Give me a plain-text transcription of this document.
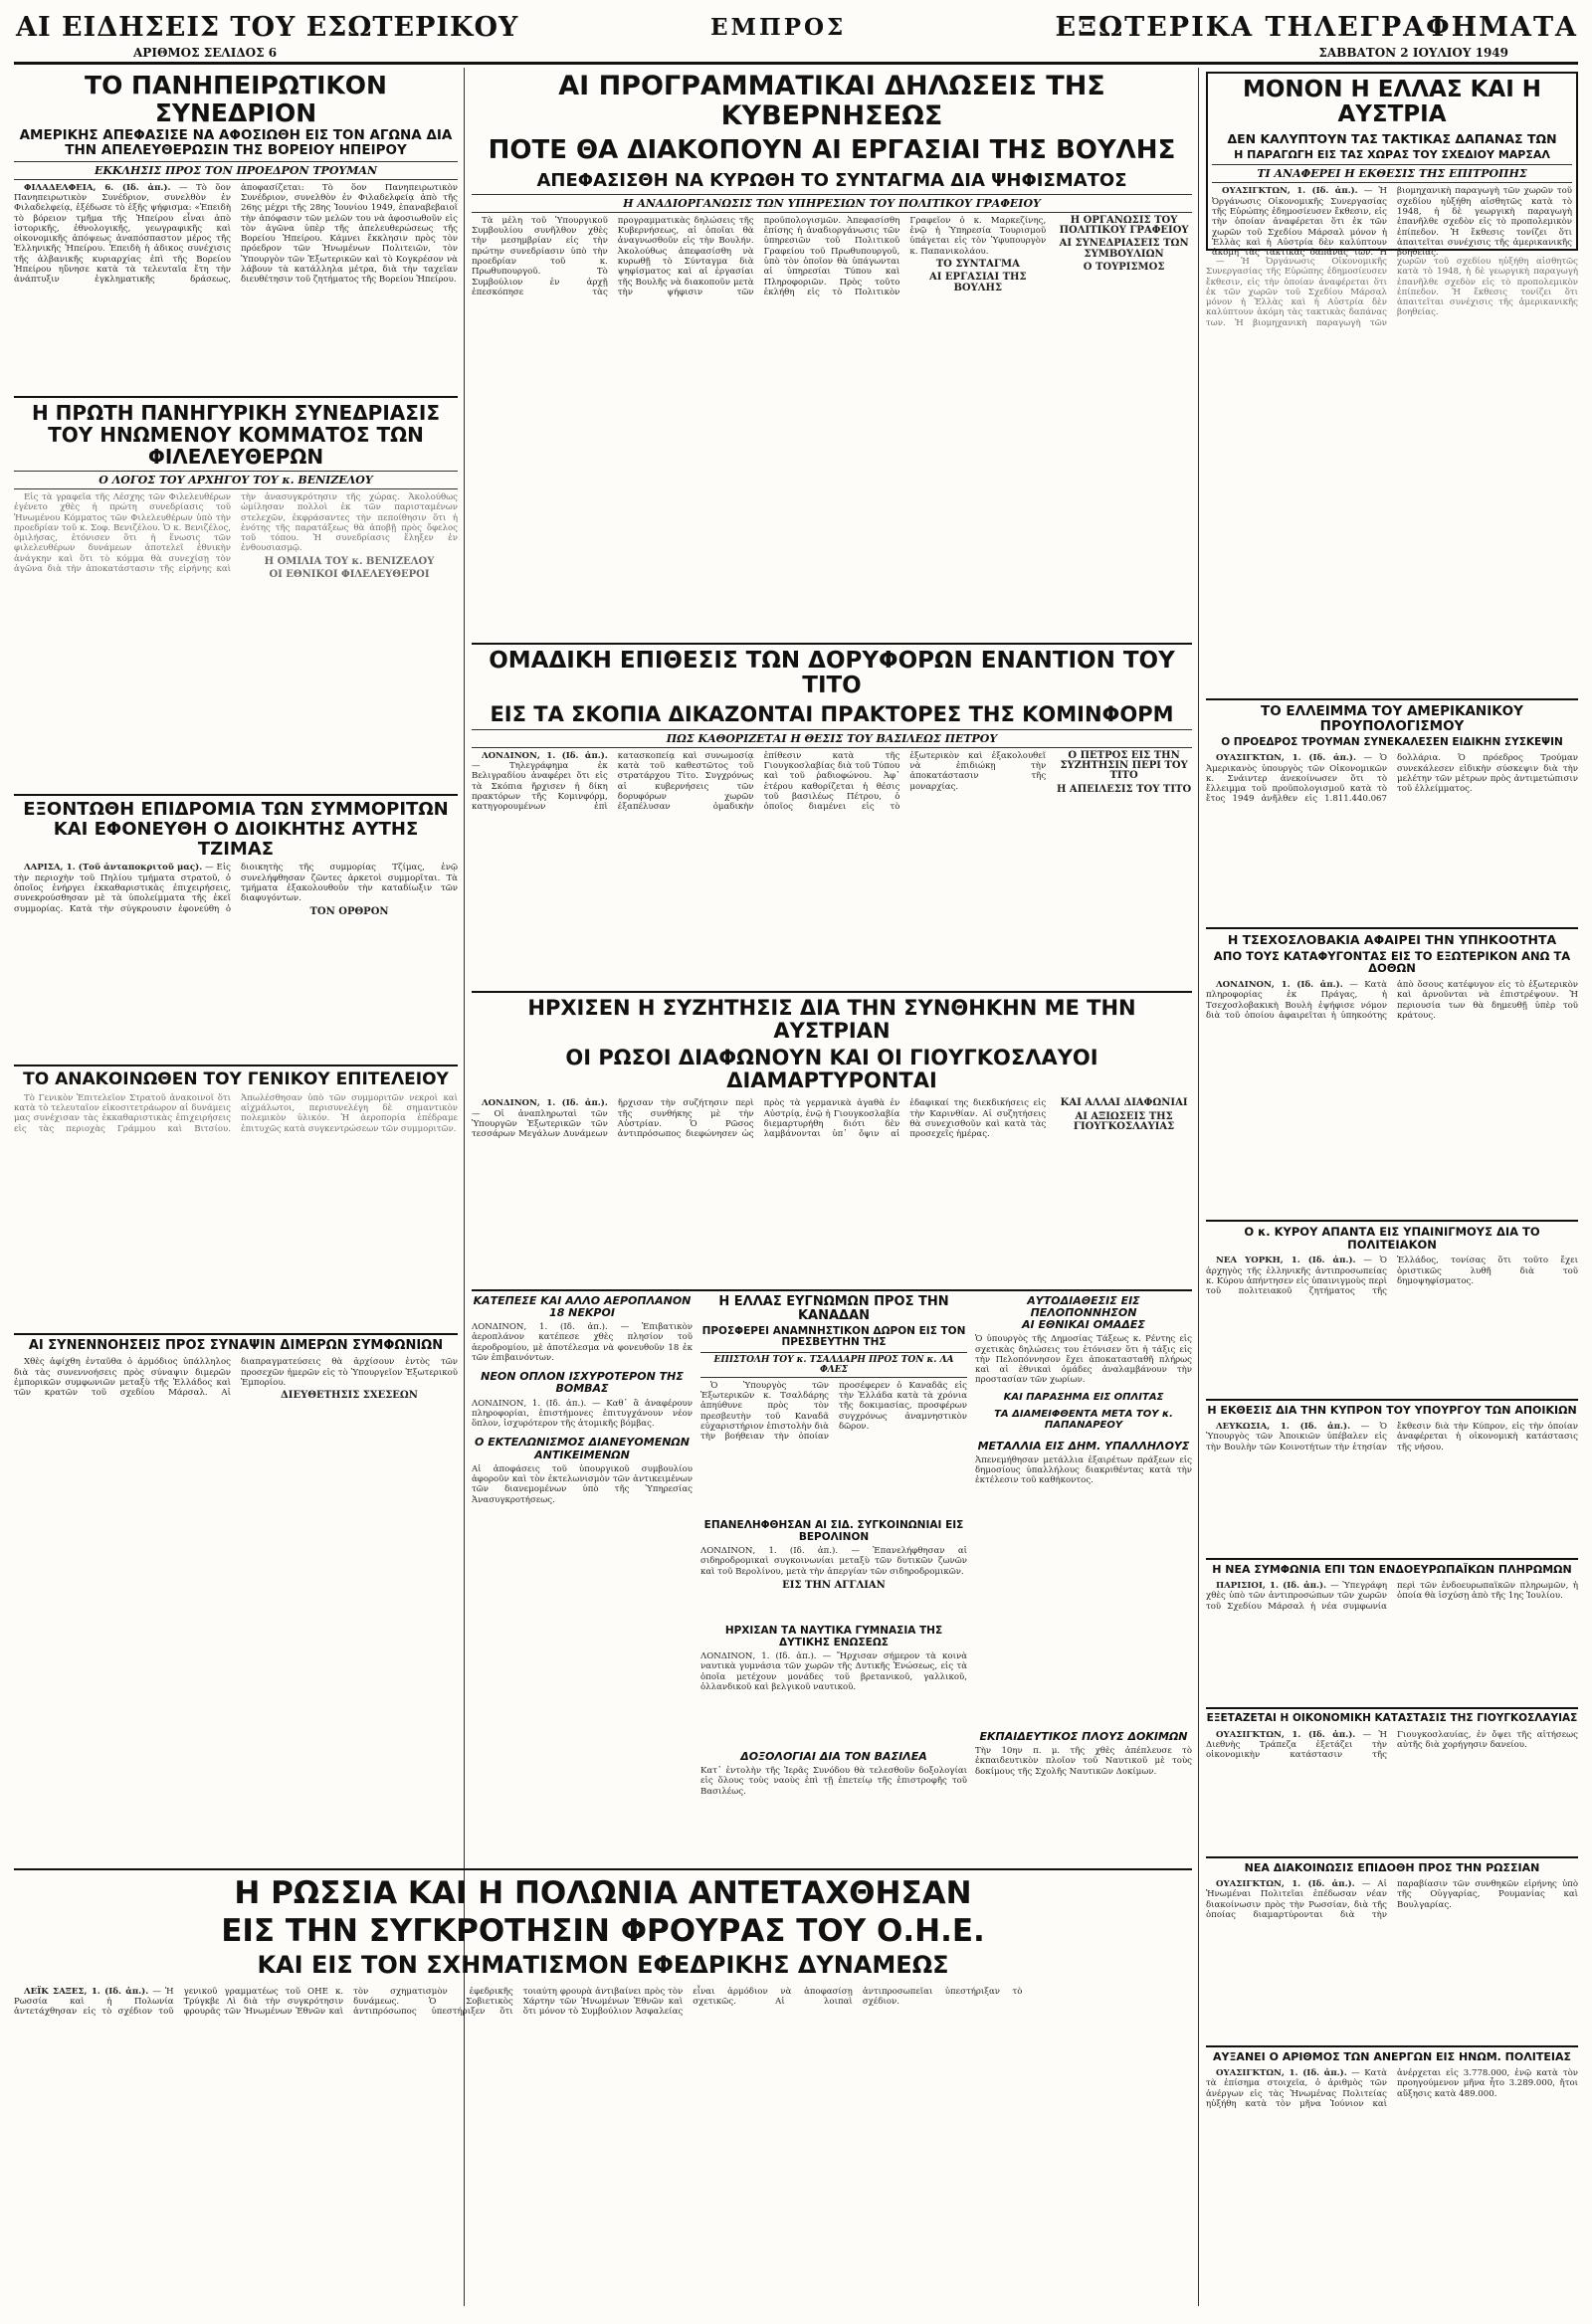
ΑΙ ΕΙΔΗΣΕΙΣ ΤΟΥ ΕΣΩΤΕΡΙΚΟΥ	ΕΜΠΡΟΣ	ΕΞΩΤΕΡΙΚΑ ΤΗΛΕΓΡΑΦΗΜΑΤΑ
ΑΡΙΘΜΟΣ ΣΕΛΙΔΟΣ 6	ΣΑΒΒΑΤΟΝ 2 ΙΟΥΛΙΟΥ 1949
ΤΟ ΠΑΝΗΠΕΙΡΩΤΙΚΟΝ ΣΥΝΕΔΡΙΟΝ
ΑΜΕΡΙΚΗΣ ΑΠΕΦΑΣΙΣΕ ΝΑ ΑΦΟΣΙΩΘΗ ΕΙΣ ΤΟΝ ΑΓΩΝΑ ΔΙΑ ΤΗΝ ΑΠΕΛΕΥΘΕΡΩΣΙΝ ΤΗΣ ΒΟΡΕΙΟΥ ΗΠΕΙΡΟΥ
ΕΚΚΛΗΣΙΣ ΠΡΟΣ ΤΟΝ ΠΡΟΕΔΡΟΝ ΤΡΟΥΜΑΝ

ΦΙΛΑΔΕΛΦΕΙΑ, 6. (Ιδ. ἀπ.). — Τὸ ὅον Πανηπειρωτικὸν Συνέδριον, συνελθὸν ἐν Φιλαδελφείᾳ, ἐξέδωσε τὸ ἑξῆς ψήφισμα: «Ἐπειδὴ τὸ βόρειον τμῆμα τῆς Ἠπείρου εἶναι ἀπὸ ἱστορικῆς, ἐθνολογικῆς, γεωγραφικῆς καὶ οἰκονομικῆς ἀπόψεως ἀναπόσπαστον μέρος τῆς Ἑλληνικῆς Ἠπείρου. Ἐπειδὴ ἡ ἀδικος συνέχισις τῆς ἀλβανικῆς κυριαρχίας ἐπὶ τῆς Βορείου Ἠπείρου ηὔνησε κατὰ τὰ τελευταῖα ἔτη τὴν ἀνάπτυξιν ἐγκληματικῆς δράσεως, ἀποφασίζεται: Τὸ ὅον Πανηπειρωτικὸν Συνέδριον, συνελθὸν ἐν Φιλαδελφείᾳ ἀπὸ τῆς 26ης μέχρι τῆς 28ης Ἰουνίου 1949, ἐπαναβεβαιοῖ τὴν ἀπόφασιν τῶν μελῶν του νὰ ἀφοσιωθοῦν εἰς τὸν ἀγῶνα ὑπὲρ τῆς ἀπελευθερώσεως τῆς Βορείου Ἠπείρου. Κάμνει ἔκκλησιν πρὸς τὸν πρόεδρον τῶν Ἡνωμένων Πολιτειῶν, τὸν Ὑπουργὸν τῶν Ἐξωτερικῶν καὶ τὸ Κογκρέσον νὰ λάβουν τὰ κατάλληλα μέτρα, διὰ τὴν ταχεῖαν διευθέτησιν τοῦ ζητήματος τῆς Βορείου Ἠπείρου.

Η ΠΡΩΤΗ ΠΑΝΗΓΥΡΙΚΗ ΣΥΝΕΔΡΙΑΣΙΣ ΤΟΥ ΗΝΩΜΕΝΟΥ ΚΟΜΜΑΤΟΣ ΤΩΝ ΦΙΛΕΛΕΥΘΕΡΩΝ
Ο ΛΟΓΟΣ ΤΟΥ ΑΡΧΗΓΟΥ ΤΟΥ κ. ΒΕΝΙΖΕΛΟΥ

Εἰς τὰ γραφεῖα τῆς Λέσχης τῶν Φιλελευθέρων ἐγένετο χθὲς ἡ πρώτη συνεδρίασις τοῦ Ἡνωμένου Κόμματος τῶν Φιλελευθέρων ὑπὸ τὴν προεδρίαν τοῦ κ. Σοφ. Βενιζέλου. Ὁ κ. Βενιζέλος, ὁμιλήσας, ἐτόνισεν ὅτι ἡ ἕνωσις τῶν φιλελευθέρων δυνάμεων ἀποτελεῖ ἐθνικὴν ἀνάγκην καὶ ὅτι τὸ κόμμα θὰ συνεχίσῃ τὸν ἀγῶνα διὰ τὴν ἀποκατάστασιν τῆς εἰρήνης καὶ τὴν ἀνασυγκρότησιν τῆς χώρας. Ἀκολούθως ὡμίλησαν πολλοὶ ἐκ τῶν παρισταμένων στελεχῶν, ἐκφράσαντες τὴν πεποίθησιν ὅτι ἡ ἑνότης τῆς παρατάξεως θὰ ἀποβῇ πρὸς ὄφελος τοῦ τόπου. Ἡ συνεδρίασις ἔληξεν ἐν ἐνθουσιασμῷ.

Η ΟΜΙΛΙΑ ΤΟΥ κ. ΒΕΝΙΖΕΛΟΥ
ΟΙ ΕΘΝΙΚΟΙ ΦΙΛΕΛΕΥΘΕΡΟΙ
ΕΞΟΝΤΩΘΗ ΕΠΙΔΡΟΜΙΑ ΤΩΝ ΣΥΜΜΟΡΙΤΩΝ ΚΑΙ ΕΦΟΝΕΥΘΗ Ο ΔΙΟΙΚΗΤΗΣ ΑΥΤΗΣ ΤΖΙΜΑΣ

ΛΑΡΙΣΑ, 1. (Τοῦ ἀνταποκριτοῦ μας). — Εἰς τὴν περιοχὴν τοῦ Πηλίου τμήματα στρατοῦ, ὁ ὁποῖος ἐνήργει ἐκκαθαριστικὰς ἐπιχειρήσεις, συνεκρούσθησαν μὲ τὰ ὑπολείμματα τῆς ἐκεῖ συμμορίας. Κατὰ τὴν σύγκρουσιν ἐφονεύθη ὁ διοικητὴς τῆς συμμορίας Τζίμας, ἐνῷ συνελήφθησαν ζῶντες ἀρκετοὶ συμμορῖται. Τὰ τμήματα ἐξακολουθοῦν τὴν καταδίωξιν τῶν διαφυγόντων.

ΤΟΝ ΟΡΘΡΟΝ
ΤΟ ΑΝΑΚΟΙΝΩΘΕΝ ΤΟΥ ΓΕΝΙΚΟΥ ΕΠΙΤΕΛΕΙΟΥ

Τὸ Γενικὸν Ἐπιτελεῖον Στρατοῦ ἀνακοινοῖ ὅτι κατὰ τὸ τελευταῖον εἰκοσιτετράωρον αἱ δυνάμεις μας συνέχισαν τὰς ἐκκαθαριστικὰς ἐπιχειρήσεις εἰς τὰς περιοχὰς Γράμμου καὶ Βιτσίου. Ἀπωλέσθησαν ὑπὸ τῶν συμμοριτῶν νεκροὶ καὶ αἰχμάλωτοι, περισυνελέγη δὲ σημαντικὸν πολεμικὸν ὑλικόν. Ἡ ἀεροπορία ἐπέδραμε ἐπιτυχῶς κατὰ συγκεντρώσεων τῶν συμμοριτῶν.

ΑΙ ΣΥΝΕΝΝΟΗΣΕΙΣ ΠΡΟΣ ΣΥΝΑΨΙΝ ΔΙΜΕΡΩΝ ΣΥΜΦΩΝΙΩΝ

Χθὲς ἀφίχθη ἐνταῦθα ὁ ἁρμόδιος ὑπάλληλος διὰ τὰς συνεννοήσεις πρὸς σύναψιν διμερῶν ἐμπορικῶν συμφωνιῶν μεταξὺ τῆς Ἑλλάδος καὶ τῶν κρατῶν τοῦ σχεδίου Μάρσαλ. Αἱ διαπραγματεύσεις θὰ ἀρχίσουν ἐντὸς τῶν προσεχῶν ἡμερῶν εἰς τὸ Ὑπουργεῖον Ἐξωτερικοῦ Ἐμπορίου.

ΔΙΕΥΘΕΤΗΣΙΣ ΣΧΕΣΕΩΝ
ΑΙ ΠΡΟΓΡΑΜΜΑΤΙΚΑΙ ΔΗΛΩΣΕΙΣ ΤΗΣ ΚΥΒΕΡΝΗΣΕΩΣ
ΠΟΤΕ ΘΑ ΔΙΑΚΟΠΟΥΝ ΑΙ ΕΡΓΑΣΙΑΙ ΤΗΣ ΒΟΥΛΗΣ
ΑΠΕΦΑΣΙΣΘΗ ΝΑ ΚΥΡΩΘΗ ΤΟ ΣΥΝΤΑΓΜΑ ΔΙΑ ΨΗΦΙΣΜΑΤΟΣ
Η ΑΝΑΔΙΟΡΓΑΝΩΣΙΣ ΤΩΝ ΥΠΗΡΕΣΙΩΝ ΤΟΥ ΠΟΛΙΤΙΚΟΥ ΓΡΑΦΕΙΟΥ

Τὰ μέλη τοῦ Ὑπουργικοῦ Συμβουλίου συνῆλθον χθὲς τὴν μεσημβρίαν εἰς τὴν πρώτην συνεδρίασιν ὑπὸ τὴν προεδρίαν τοῦ κ. Πρωθυπουργοῦ. Τὸ Συμβούλιον ἐν ἀρχῇ ἐπεσκόπησε τὰς προγραμματικὰς δηλώσεις τῆς Κυβερνήσεως, αἱ ὁποῖαι θὰ ἀναγνωσθοῦν εἰς τὴν Βουλήν. Ἀκολούθως ἀπεφασίσθη νὰ κυρωθῇ τὸ Σύνταγμα διὰ ψηφίσματος καὶ αἱ ἐργασίαι τῆς Βουλῆς νὰ διακοποῦν μετὰ τὴν ψήφισιν τῶν προϋπολογισμῶν. Ἀπεφασίσθη ἐπίσης ἡ ἀναδιοργάνωσις τῶν ὑπηρεσιῶν τοῦ Πολιτικοῦ Γραφείου τοῦ Πρωθυπουργοῦ, ὑπὸ τὸν ὁποῖον θὰ ὑπάγωνται αἱ ὑπηρεσίαι Τύπου καὶ Πληροφοριῶν. Πρὸς τοῦτο ἐκλήθη εἰς τὸ Πολιτικὸν Γραφεῖον ὁ κ. Μαρκεζίνης, ἐνῷ ἡ Ὑπηρεσία Τουρισμοῦ ὑπάγεται εἰς τὸν Ὑφυπουργὸν κ. Παπανικολάου.

ΤΟ ΣΥΝΤΑΓΜΑ
ΑΙ ΕΡΓΑΣΙΑΙ ΤΗΣ ΒΟΥΛΗΣ
Η ΟΡΓΑΝΩΣΙΣ ΤΟΥ ΠΟΛΙΤΙΚΟΥ ΓΡΑΦΕΙΟΥ
ΑΙ ΣΥΝΕΔΡΙΑΣΕΙΣ ΤΩΝ ΣΥΜΒΟΥΛΙΩΝ
Ο ΤΟΥΡΙΣΜΟΣ
ΟΜΑΔΙΚΗ ΕΠΙΘΕΣΙΣ ΤΩΝ ΔΟΡΥΦΟΡΩΝ ΕΝΑΝΤΙΟΝ ΤΟΥ ΤΙΤΟ
ΕΙΣ ΤΑ ΣΚΟΠΙΑ ΔΙΚΑΖΟΝΤΑΙ ΠΡΑΚΤΟΡΕΣ ΤΗΣ ΚΟΜΙΝΦΟΡΜ
ΠΩΣ ΚΑΘΟΡΙΖΕΤΑΙ Η ΘΕΣΙΣ ΤΟΥ ΒΑΣΙΛΕΩΣ ΠΕΤΡΟΥ

ΛΟΝΔΙΝΟΝ, 1. (Ιδ. ἀπ.). — Τηλεγράφημα ἐκ Βελιγραδίου ἀναφέρει ὅτι εἰς τὰ Σκόπια ἤρχισεν ἡ δίκη πρακτόρων τῆς Κομινφόρμ, κατηγορουμένων ἐπὶ κατασκοπείᾳ καὶ συνωμοσίᾳ κατὰ τοῦ καθεστῶτος τοῦ στρατάρχου Τίτο. Συγχρόνως αἱ κυβερνήσεις τῶν δορυφόρων χωρῶν ἐξαπέλυσαν ὁμαδικὴν ἐπίθεσιν κατὰ τῆς Γιουγκοσλαβίας διὰ τοῦ Τύπου καὶ τοῦ ῥαδιοφώνου. Ἀφ᾽ ἑτέρου καθορίζεται ἡ θέσις τοῦ βασιλέως Πέτρου, ὁ ὁποῖος διαμένει εἰς τὸ ἐξωτερικὸν καὶ ἐξακολουθεῖ νὰ ἐπιδιώκῃ τὴν ἀποκατάστασιν τῆς μοναρχίας.

Ο ΠΕΤΡΟΣ ΕΙΣ ΤΗΝ ΣΥΖΗΤΗΣΙΝ ΠΕΡΙ ΤΟΥ ΤΙΤΟ
Η ΑΠΕΙΛΕΣΙΣ ΤΟΥ ΤΙΤΟ
ΗΡΧΙΣΕΝ Η ΣΥΖΗΤΗΣΙΣ ΔΙΑ ΤΗΝ ΣΥΝΘΗΚΗΝ ΜΕ ΤΗΝ ΑΥΣΤΡΙΑΝ
ΟΙ ΡΩΣΟΙ ΔΙΑΦΩΝΟΥΝ ΚΑΙ ΟΙ ΓΙΟΥΓΚΟΣΛΑΥΟΙ ΔΙΑΜΑΡΤΥΡΟΝΤΑΙ

ΛΟΝΔΙΝΟΝ, 1. (Ιδ. ἀπ.). — Οἱ ἀναπληρωταὶ τῶν Ὑπουργῶν Ἐξωτερικῶν τῶν τεσσάρων Μεγάλων Δυνάμεων ἤρχισαν τὴν συζήτησιν περὶ τῆς συνθήκης μὲ τὴν Αὐστρίαν. Ὁ Ρῶσος ἀντιπρόσωπος διεφώνησεν ὡς πρὸς τὰ γερμανικὰ ἀγαθὰ ἐν Αὐστρίᾳ, ἐνῷ ἡ Γιουγκοσλαβία διεμαρτυρήθη διότι δὲν λαμβάνονται ὑπ᾽ ὄψιν αἱ ἐδαφικαί της διεκδικήσεις εἰς τὴν Καρινθίαν. Αἱ συζητήσεις θὰ συνεχισθοῦν καὶ κατὰ τὰς προσεχεῖς ἡμέρας.

ΚΑΙ ΑΛΛΑΙ ΔΙΑΦΩΝΙΑΙ
ΑΙ ΑΞΙΩΣΕΙΣ ΤΗΣ ΓΙΟΥΓΚΟΣΛΑΥΙΑΣ
ΚΑΤΕΠΕΣΕ ΚΑΙ ΑΛΛΟ ΑΕΡΟΠΛΑΝΟΝ
18 ΝΕΚΡΟΙ

ΛΟΝΔΙΝΟΝ, 1. (Ιδ. ἀπ.). — Ἐπιβατικὸν ἀεροπλάνον κατέπεσε χθὲς πλησίον τοῦ ἀεροδρομίου, μὲ ἀποτέλεσμα νὰ φονευθοῦν 18 ἐκ τῶν ἐπιβαινόντων.

ΝΕΟΝ ΟΠΛΟΝ ΙΣΧΥΡΟΤΕΡΟΝ ΤΗΣ ΒΟΜΒΑΣ

ΛΟΝΔΙΝΟΝ, 1. (Ιδ. ἀπ.). — Καθ᾽ ἃ ἀναφέρουν πληροφορίαι, ἐπιστήμονες ἐπιτυγχάνουν νέον ὅπλον, ἰσχυρότερον τῆς ἀτομικῆς βόμβας.

Ο ΕΚΤΕΛΩΝΙΣΜΟΣ ΔΙΑΝΕΥΟΜΕΝΩΝ ΑΝΤΙΚΕΙΜΕΝΩΝ

Αἱ ἀποφάσεις τοῦ ὑπουργικοῦ συμβουλίου ἀφοροῦν καὶ τὸν ἐκτελωνισμὸν τῶν ἀντικειμένων τῶν διανεμομένων ὑπὸ τῆς Ὑπηρεσίας Ἀνασυγκροτήσεως.

Η ΕΛΛΑΣ ΕΥΓΝΩΜΩΝ ΠΡΟΣ ΤΗΝ ΚΑΝΑΔΑΝ
ΠΡΟΣΦΕΡΕΙ ΑΝΑΜΝΗΣΤΙΚΟΝ ΔΩΡΟΝ ΕΙΣ ΤΟΝ ΠΡΕΣΒΕΥΤΗΝ ΤΗΣ
ΕΠΙΣΤΟΛΗ ΤΟΥ κ. ΤΣΑΛΔΑΡΗ ΠΡΟΣ ΤΟΝ κ. ΛΑ ΦΛΕΣ

Ὁ Ὑπουργὸς τῶν Ἐξωτερικῶν κ. Τσαλδάρης ἀπηύθυνε πρὸς τὸν πρεσβευτὴν τοῦ Καναδᾶ εὐχαριστήριον ἐπιστολὴν διὰ τὴν βοήθειαν τὴν ὁποίαν προσέφερεν ὁ Καναδᾶς εἰς τὴν Ἑλλάδα κατὰ τὰ χρόνια τῆς δοκιμασίας, προσφέρων συγχρόνως ἀναμνηστικὸν δῶρον.

ΑΥΤΟΔΙΑΘΕΣΙΣ ΕΙΣ ΠΕΛΟΠΟΝΝΗΣΟΝ
ΑΙ ΕΘΝΙΚΑΙ ΟΜΑΔΕΣ

Ὁ ὑπουργὸς τῆς Δημοσίας Τάξεως κ. Ρέντης εἰς σχετικὰς δηλώσεις του ἐτόνισεν ὅτι ἡ τάξις εἰς τὴν Πελοπόννησον ἔχει ἀποκατασταθῆ πλήρως καὶ αἱ ἐθνικαὶ ὁμάδες ἀναλαμβάνουν τὴν προστασίαν τῶν χωρίων.

ΚΑΙ ΠΑΡΑΣΗΜΑ ΕΙΣ ΟΠΛΙΤΑΣ
ΤΑ ΔΙΑΜΕΙΦΘΕΝΤΑ ΜΕΤΑ ΤΟΥ κ. ΠΑΠΑΝΑΡΕΟΥ
ΜΕΤΑΛΛΙΑ ΕΙΣ ΔΗΜ. ΥΠΑΛΛΗΛΟΥΣ

Ἀπενεμήθησαν μετάλλια ἐξαιρέτων πράξεων εἰς δημοσίους ὑπαλλήλους διακριθέντας κατὰ τὴν ἐκτέλεσιν τοῦ καθήκοντος.

ΕΠΑΝΕΛΗΦΘΗΣΑΝ ΑΙ ΣΙΔ. ΣΥΓΚΟΙΝΩΝΙΑΙ ΕΙΣ ΒΕΡΟΛΙΝΟΝ

ΛΟΝΔΙΝΟΝ, 1. (Ιδ. ἀπ.). — Ἐπανελήφθησαν αἱ σιδηροδρομικαὶ συγκοινωνίαι μεταξὺ τῶν δυτικῶν ζωνῶν καὶ τοῦ Βερολίνου, μετὰ τὴν ἀπεργίαν τῶν σιδηροδρομικῶν.

ΕΙΣ ΤΗΝ ΑΓΓΛΙΑΝ
ΗΡΧΙΣΑΝ ΤΑ ΝΑΥΤΙΚΑ ΓΥΜΝΑΣΙΑ ΤΗΣ ΔΥΤΙΚΗΣ ΕΝΩΣΕΩΣ

ΛΟΝΔΙΝΟΝ, 1. (Ιδ. ἀπ.). — Ἤρχισαν σήμερον τὰ κοινὰ ναυτικὰ γυμνάσια τῶν χωρῶν τῆς Δυτικῆς Ἑνώσεως, εἰς τὰ ὁποῖα μετέχουν μονάδες τοῦ βρετανικοῦ, γαλλικοῦ, ὁλλανδικοῦ καὶ βελγικοῦ ναυτικοῦ.

ΔΟΞΟΛΟΓΙΑΙ ΔΙΑ ΤΟΝ ΒΑΣΙΛΕΑ

Κατ᾽ ἐντολὴν τῆς Ἱερᾶς Συνόδου θὰ τελεσθοῦν δοξολογίαι εἰς ὅλους τοὺς ναοὺς ἐπὶ τῇ ἐπετείῳ τῆς ἐπιστροφῆς τοῦ Βασιλέως.

ΕΚΠΑΙΔΕΥΤΙΚΟΣ ΠΛΟΥΣ ΔΟΚΙΜΩΝ

Τὴν 10ην π. μ. τῆς χθὲς ἀπέπλευσε τὸ ἐκπαιδευτικὸν πλοῖον τοῦ Ναυτικοῦ μὲ τοὺς δοκίμους τῆς Σχολῆς Ναυτικῶν Δοκίμων.

Η ΡΩΣΣΙΑ ΚΑΙ Η ΠΟΛΩΝΙΑ ΑΝΤΕΤΑΧΘΗΣΑΝ
ΕΙΣ ΤΗΝ ΣΥΓΚΡΟΤΗΣΙΝ ΦΡΟΥΡΑΣ ΤΟΥ Ο.Η.Ε.
ΚΑΙ ΕΙΣ ΤΟΝ ΣΧΗΜΑΤΙΣΜΟΝ ΕΦΕΔΡΙΚΗΣ ΔΥΝΑΜΕΩΣ

ΛΕΪΚ ΣΑΞΕΣ, 1. (Ιδ. ἀπ.). — Ἡ Ρωσσία καὶ ἡ Πολωνία ἀντετάχθησαν εἰς τὸ σχέδιον τοῦ γενικοῦ γραμματέως τοῦ ΟΗΕ κ. Τρύγκβε Λὶ διὰ τὴν συγκρότησιν φρουρᾶς τῶν Ἡνωμένων Ἐθνῶν καὶ τὸν σχηματισμὸν ἐφεδρικῆς δυνάμεως. Ὁ Σοβιετικὸς ἀντιπρόσωπος ὑπεστήριξεν ὅτι τοιαύτη φρουρὰ ἀντιβαίνει πρὸς τὸν Χάρτην τῶν Ἡνωμένων Ἐθνῶν καὶ ὅτι μόνον τὸ Συμβούλιον Ἀσφαλείας εἶναι ἁρμόδιον νὰ ἀποφασίσῃ σχετικῶς. Αἱ λοιπαὶ ἀντιπροσωπεῖαι ὑπεστήριξαν τὸ σχέδιον.

ΜΟΝΟΝ Η ΕΛΛΑΣ ΚΑΙ Η ΑΥΣΤΡΙΑ
ΔΕΝ ΚΑΛΥΠΤΟΥΝ ΤΑΣ ΤΑΚΤΙΚΑΣ ΔΑΠΑΝΑΣ ΤΩΝ
Η ΠΑΡΑΓΩΓΗ ΕΙΣ ΤΑΣ ΧΩΡΑΣ ΤΟΥ ΣΧΕΔΙΟΥ ΜΑΡΣΑΛ
ΤΙ ΑΝΑΦΕΡΕΙ Η ΕΚΘΕΣΙΣ ΤΗΣ ΕΠΙΤΡΟΠΗΣ

ΟΥΑΣΙΓΚΤΩΝ, 1. (Ιδ. ἀπ.). — Ἡ Ὀργάνωσις Οἰκονομικῆς Συνεργασίας τῆς Εὐρώπης ἐδημοσίευσεν ἔκθεσιν, εἰς τὴν ὁποίαν ἀναφέρεται ὅτι ἐκ τῶν χωρῶν τοῦ Σχεδίου Μάρσαλ μόνον ἡ Ἑλλὰς καὶ ἡ Αὐστρία δὲν καλύπτουν ἀκόμη τὰς τακτικὰς δαπάνας των. Ἡ βιομηχανικὴ παραγωγὴ τῶν χωρῶν τοῦ σχεδίου ηὐξήθη αἰσθητῶς κατὰ τὸ 1948, ἡ δὲ γεωργικὴ παραγωγὴ ἐπανῆλθε σχεδὸν εἰς τὸ προπολεμικὸν ἐπίπεδον. Ἡ ἔκθεσις τονίζει ὅτι ἀπαιτεῖται συνέχισις τῆς ἀμερικανικῆς βοηθείας.

— Ἡ Ὀργάνωσις Οἰκονομικῆς Συνεργασίας τῆς Εὐρώπης ἐδημοσίευσεν ἔκθεσιν, εἰς τὴν ὁποίαν ἀναφέρεται ὅτι ἐκ τῶν χωρῶν τοῦ Σχεδίου Μάρσαλ μόνον ἡ Ἑλλὰς καὶ ἡ Αὐστρία δὲν καλύπτουν ἀκόμη τὰς τακτικὰς δαπάνας των. Ἡ βιομηχανικὴ παραγωγὴ τῶν χωρῶν τοῦ σχεδίου ηὐξήθη αἰσθητῶς κατὰ τὸ 1948, ἡ δὲ γεωργικὴ παραγωγὴ ἐπανῆλθε σχεδὸν εἰς τὸ προπολεμικὸν ἐπίπεδον. Ἡ ἔκθεσις τονίζει ὅτι ἀπαιτεῖται συνέχισις τῆς ἀμερικανικῆς βοηθείας.

ΤΟ ΕΛΛΕΙΜΜΑ ΤΟΥ ΑΜΕΡΙΚΑΝΙΚΟΥ ΠΡΟΥΠΟΛΟΓΙΣΜΟΥ
Ο ΠΡΟΕΔΡΟΣ ΤΡΟΥΜΑΝ ΣΥΝΕΚΑΛΕΣΕΝ ΕΙΔΙΚΗΝ ΣΥΣΚΕΨΙΝ

ΟΥΑΣΙΓΚΤΩΝ, 1. (Ιδ. ἀπ.). — Ὁ Ἀμερικανὸς ὑπουργὸς τῶν Οἰκονομικῶν κ. Σνάιντερ ἀνεκοίνωσεν ὅτι τὸ ἔλλειμμα τοῦ προϋπολογισμοῦ κατὰ τὸ ἔτος 1949 ἀνῆλθεν εἰς 1.811.440.067 δολλάρια. Ὁ πρόεδρος Τρούμαν συνεκάλεσεν εἰδικὴν σύσκεψιν διὰ τὴν μελέτην τῶν μέτρων πρὸς ἀντιμετώπισιν τοῦ ἐλλείμματος.

Η ΤΣΕΧΟΣΛΟΒΑΚΙΑ ΑΦΑΙΡΕΙ ΤΗΝ ΥΠΗΚΟΟΤΗΤΑ
ΑΠΟ ΤΟΥΣ ΚΑΤΑΦΥΓΟΝΤΑΣ ΕΙΣ ΤΟ ΕΞΩΤΕΡΙΚΟΝ ΑΝΩ ΤΑ ΔΟΘΩΝ

ΛΟΝΔΙΝΟΝ, 1. (Ιδ. ἀπ.). — Κατὰ πληροφορίας ἐκ Πράγας, ἡ Τσεχοσλοβακικὴ Βουλὴ ἐψήφισε νόμον διὰ τοῦ ὁποίου ἀφαιρεῖται ἡ ὑπηκοότης ἀπὸ ὅσους κατέφυγον εἰς τὸ ἐξωτερικὸν καὶ ἀρνοῦνται νὰ ἐπιστρέψουν. Ἡ περιουσία των θὰ δημευθῇ ὑπὲρ τοῦ κράτους.

Ο κ. ΚΥΡΟΥ ΑΠΑΝΤΑ ΕΙΣ ΥΠΑΙΝΙΓΜΟΥΣ ΔΙΑ ΤΟ ΠΟΛΙΤΕΙΑΚΟΝ

ΝΕΑ ΥΟΡΚΗ, 1. (Ιδ. ἀπ.). — Ὁ ἀρχηγὸς τῆς ἑλληνικῆς ἀντιπροσωπείας κ. Κύρου ἀπήντησεν εἰς ὑπαινιγμοὺς περὶ τοῦ πολιτειακοῦ ζητήματος τῆς Ἑλλάδος, τονίσας ὅτι τοῦτο ἔχει ὁριστικῶς λυθῆ διὰ τοῦ δημοψηφίσματος.

Η ΕΚΘΕΣΙΣ ΔΙΑ ΤΗΝ ΚΥΠΡΟΝ ΤΟΥ ΥΠΟΥΡΓΟΥ ΤΩΝ ΑΠΟΙΚΙΩΝ

ΛΕΥΚΩΣΙΑ, 1. (Ιδ. ἀπ.). — Ὁ Ὑπουργὸς τῶν Ἀποικιῶν ὑπέβαλεν εἰς τὴν Βουλὴν τῶν Κοινοτήτων τὴν ἐτησίαν ἔκθεσιν διὰ τὴν Κύπρον, εἰς τὴν ὁποίαν ἀναφέρεται ἡ οἰκονομικὴ κατάστασις τῆς νήσου.

Η ΝΕΑ ΣΥΜΦΩΝΙΑ ΕΠΙ ΤΩΝ ΕΝΔΟΕΥΡΩΠΑΪΚΩΝ ΠΛΗΡΩΜΩΝ

ΠΑΡΙΣΙΟΙ, 1. (Ιδ. ἀπ.). — Ὑπεγράφη χθὲς ὑπὸ τῶν ἀντιπροσώπων τῶν χωρῶν τοῦ Σχεδίου Μάρσαλ ἡ νέα συμφωνία περὶ τῶν ἐνδοευρωπαϊκῶν πληρωμῶν, ἡ ὁποία θὰ ἰσχύσῃ ἀπὸ τῆς 1ης Ἰουλίου.

ΕΞΕΤΑΖΕΤΑΙ Η ΟΙΚΟΝΟΜΙΚΗ ΚΑΤΑΣΤΑΣΙΣ ΤΗΣ ΓΙΟΥΓΚΟΣΛΑΥΙΑΣ

ΟΥΑΣΙΓΚΤΩΝ, 1. (Ιδ. ἀπ.). — Ἡ Διεθνὴς Τράπεζα ἐξετάζει τὴν οἰκονομικὴν κατάστασιν τῆς Γιουγκοσλαυίας, ἐν ὄψει τῆς αἰτήσεως αὐτῆς διὰ χορήγησιν δανείου.

ΝΕΑ ΔΙΑΚΟΙΝΩΣΙΣ ΕΠΙΔΟΘΗ ΠΡΟΣ ΤΗΝ ΡΩΣΣΙΑΝ

ΟΥΑΣΙΓΚΤΩΝ, 1. (Ιδ. ἀπ.). — Αἱ Ἡνωμέναι Πολιτεῖαι ἐπέδωσαν νέαν διακοίνωσιν πρὸς τὴν Ρωσσίαν, διὰ τῆς ὁποίας διαμαρτύρονται διὰ τὴν παραβίασιν τῶν συνθηκῶν εἰρήνης ὑπὸ τῆς Οὐγγαρίας, Ρουμανίας καὶ Βουλγαρίας.

ΑΥΞΑΝΕΙ Ο ΑΡΙΘΜΟΣ ΤΩΝ ΑΝΕΡΓΩΝ ΕΙΣ ΗΝΩΜ. ΠΟΛΙΤΕΙΑΣ

ΟΥΑΣΙΓΚΤΩΝ, 1. (Ιδ. ἀπ.). — Κατὰ τὰ ἐπίσημα στοιχεῖα, ὁ ἀριθμὸς τῶν ἀνέργων εἰς τὰς Ἡνωμένας Πολιτείας ηὐξήθη κατὰ τὸν μῆνα Ἰούνιον καὶ ἀνέρχεται εἰς 3.778.000, ἐνῷ κατὰ τὸν προηγούμενον μῆνα ἦτο 3.289.000, ἤτοι αὔξησις κατὰ 489.000.
